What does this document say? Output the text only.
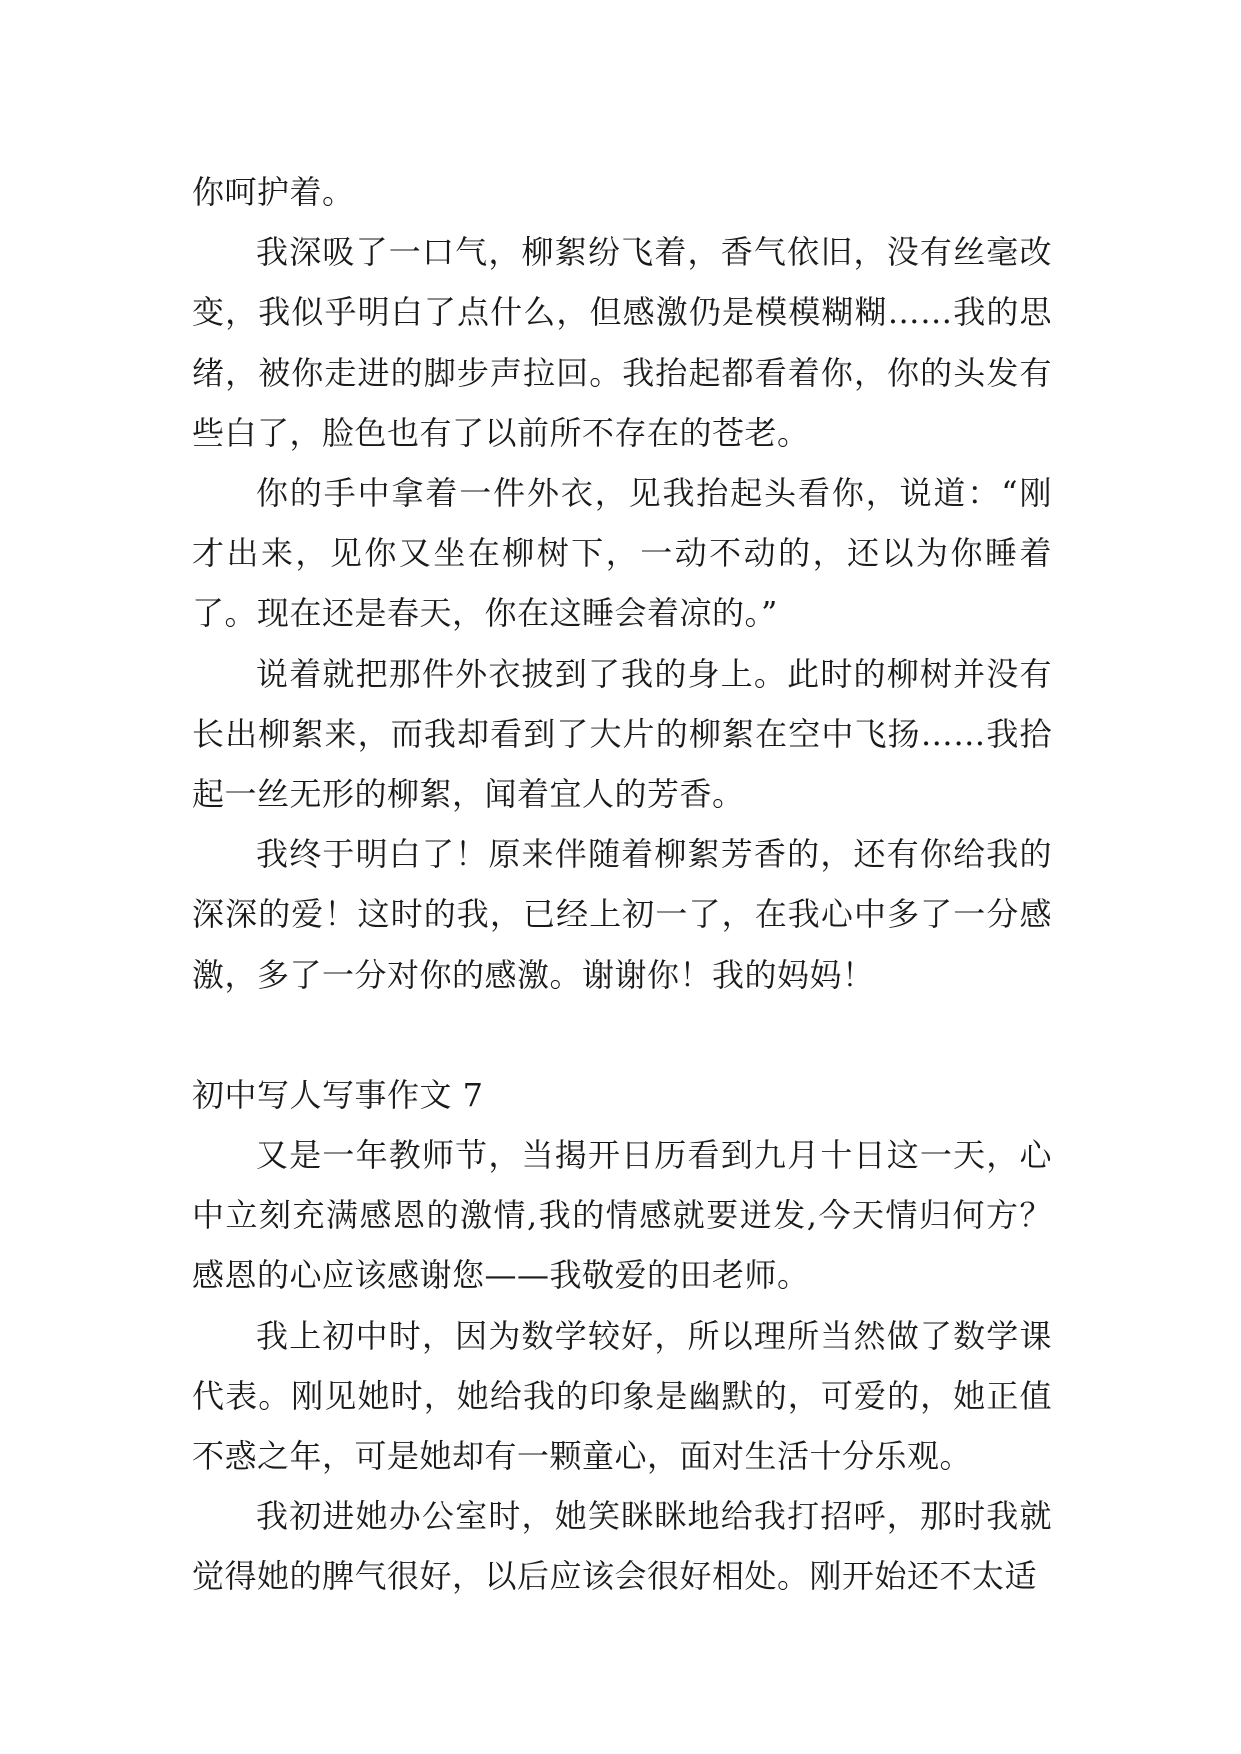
你呵护着。

我深吸了一口气，柳絮纷飞着，香气依旧，没有丝毫改变，我似乎明白了点什么，但感激仍是模模糊糊……我的思绪，被你走进的脚步声拉回。我抬起都看着你，你的头发有些白了，脸色也有了以前所不存在的苍老。

你的手中拿着一件外衣，见我抬起头看你，说道：“刚才出来，见你又坐在柳树下，一动不动的，还以为你睡着了。现在还是春天，你在这睡会着凉的。”

说着就把那件外衣披到了我的身上。此时的柳树并没有长出柳絮来，而我却看到了大片的柳絮在空中飞扬……我拾起一丝无形的柳絮，闻着宜人的芳香。

我终于明白了！原来伴随着柳絮芳香的，还有你给我的深深的爱！这时的我，已经上初一了，在我心中多了一分感激，多了一分对你的感激。谢谢你！我的妈妈！

初中写人写事作文 7

又是一年教师节，当揭开日历看到九月十日这一天，心中立刻充满感恩的激情,我的情感就要迸发,今天情归何方？感恩的心应该感谢您——我敬爱的田老师。

我上初中时，因为数学较好，所以理所当然做了数学课代表。刚见她时，她给我的印象是幽默的，可爱的，她正值不惑之年，可是她却有一颗童心，面对生活十分乐观。

我初进她办公室时，她笑眯眯地给我打招呼，那时我就觉得她的脾气很好，以后应该会很好相处。刚开始还不太适
